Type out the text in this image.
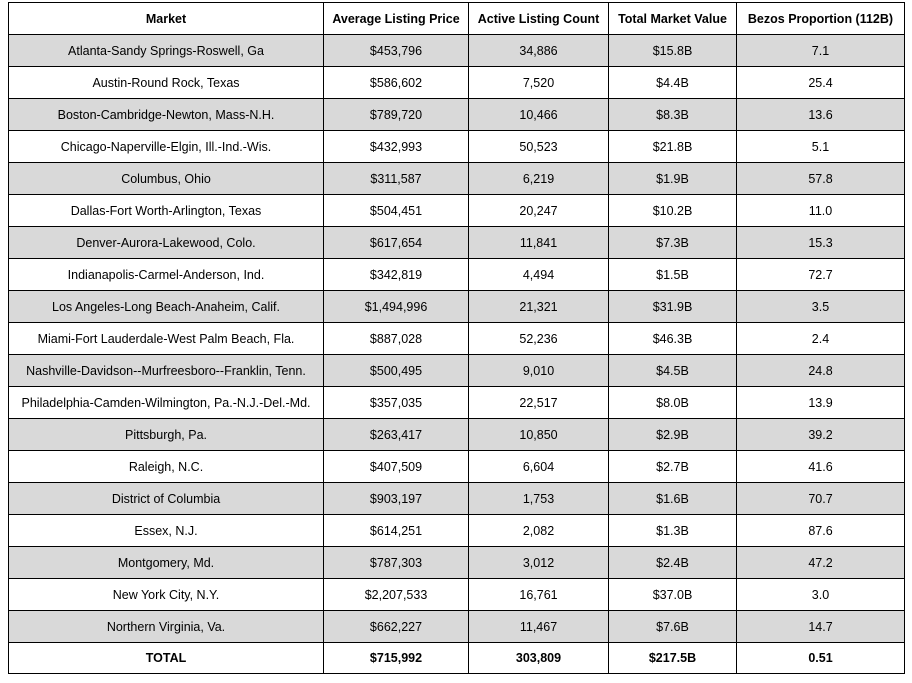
Market	Average Listing Price	Active Listing Count	Total Market Value	Bezos Proportion (112B)
Atlanta-Sandy Springs-Roswell, Ga	$453,796	34,886	$15.8B	7.1
Austin-Round Rock, Texas	$586,602	7,520	$4.4B	25.4
Boston-Cambridge-Newton, Mass-N.H.	$789,720	10,466	$8.3B	13.6
Chicago-Naperville-Elgin, Ill.-Ind.-Wis.	$432,993	50,523	$21.8B	5.1
Columbus, Ohio	$311,587	6,219	$1.9B	57.8
Dallas-Fort Worth-Arlington, Texas	$504,451	20,247	$10.2B	11.0
Denver-Aurora-Lakewood, Colo.	$617,654	11,841	$7.3B	15.3
Indianapolis-Carmel-Anderson, Ind.	$342,819	4,494	$1.5B	72.7
Los Angeles-Long Beach-Anaheim, Calif.	$1,494,996	21,321	$31.9B	3.5
Miami-Fort Lauderdale-West Palm Beach, Fla.	$887,028	52,236	$46.3B	2.4
Nashville-Davidson--Murfreesboro--Franklin, Tenn.	$500,495	9,010	$4.5B	24.8
Philadelphia-Camden-Wilmington, Pa.-N.J.-Del.-Md.	$357,035	22,517	$8.0B	13.9
Pittsburgh, Pa.	$263,417	10,850	$2.9B	39.2
Raleigh, N.C.	$407,509	6,604	$2.7B	41.6
District of Columbia	$903,197	1,753	$1.6B	70.7
Essex, N.J.	$614,251	2,082	$1.3B	87.6
Montgomery, Md.	$787,303	3,012	$2.4B	47.2
New York City, N.Y.	$2,207,533	16,761	$37.0B	3.0
Northern Virginia, Va.	$662,227	11,467	$7.6B	14.7
TOTAL	$715,992	303,809	$217.5B	0.51
